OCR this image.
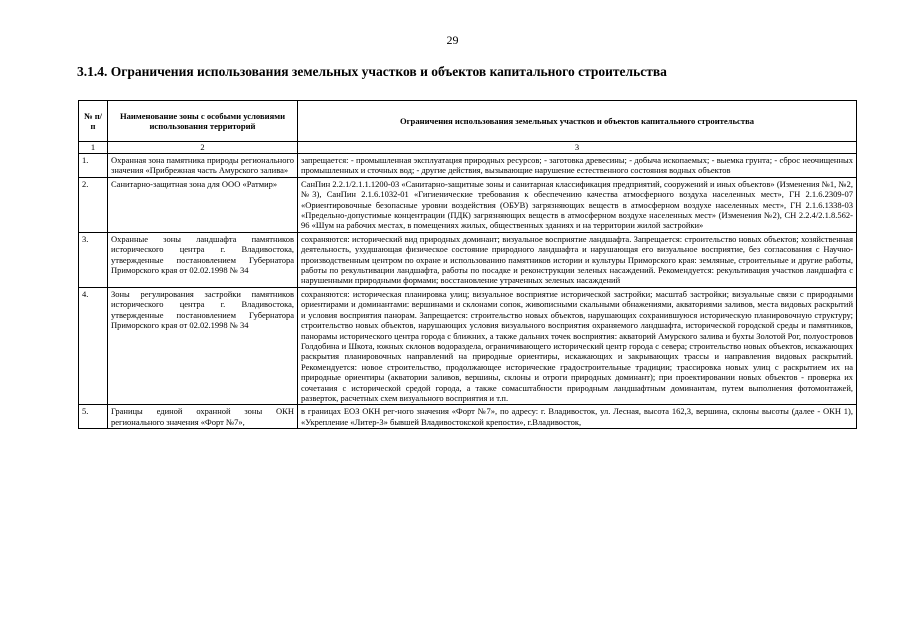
29
3.1.4. Ограничения использования земельных участков и объектов капитального строительства
№ п/п	Наименование зоны с особыми условиями использования территорий	Ограничения использования земельных участков и объектов капитального строительства
1	2	3
1.	Охранная зона памятника природы регионального значения «Прибрежная часть Амурского залива»	запрещается: - промышленная эксплуатация природных ресурсов; - заготовка древесины; - добыча ископаемых; - выемка грунта; - сброс неочищенных промышленных и сточных вод; - другие действия, вызывающие нарушение естественного состояния водных объектов
2.	Санитарно-защитная зона для ООО «Ратмир»	СанПин 2.2.1/2.1.1.1200-03 «Санитарно-защитные зоны и санитарная классификация предприятий, сооружений и иных объектов» (Изменения №1, №2, №3), СанПин 2.1.6.1032-01 «Гигиенические требования к обеспечению качества атмосферного воздуха населенных мест», ГН 2.1.6.2309-07 «Ориентировочные безопасные уровни воздействия (ОБУВ) загрязняющих веществ в атмосферном воздухе населенных мест», ГН 2.1.6.1338-03 «Предельно-допустимые концентрации (ПДК) загрязняющих веществ в атмосферном воздухе населенных мест» (Изменения №2), СН 2.2.4/2.1.8.562-96 «Шум на рабочих местах, в помещениях жилых, общественных зданиях и на территории жилой застройки»
3.	Охранные зоны ландшафта памятников исторического центра г. Владивостока, утвержденные постановлением Губернатора Приморского края от 02.02.1998 № 34	сохраняются: исторический вид природных доминант; визуальное восприятие ландшафта. Запрещается: строительство новых объектов; хозяйственная деятельность, ухудшающая физическое состояние природного ландшафта и нарушающая его визуальное восприятие, без согласования с Научно-производственным центром по охране и использованию памятников истории и культуры Приморского края: земляные, строительные и другие работы, работы по рекультивации ландшафта, работы по посадке и реконструкции зеленых насаждений. Рекомендуется: рекультивация участков ландшафта с нарушенными природными формами; восстановление утраченных зеленых насаждений
4.	Зоны регулирования застройки памятников исторического центра г. Владивостока, утвержденные постановлением Губернатора Приморского края от 02.02.1998 № 34	сохраняются: историческая планировка улиц; визуальное восприятие исторической застройки; масштаб застройки; визуальные связи с природными ориентирами и доминантами: вершинами и склонами сопок, живописными скальными обнажениями, акваториями заливов, места видовых раскрытий и условия восприятия панорам. Запрещается: строительство новых объектов, нарушающих сохранившуюся историческую планировочную структуру; строительство новых объектов, нарушающих условия визуального восприятия охраняемого ландшафта, исторической городской среды и памятников, панорамы исторического центра города с ближних, а также дальних точек восприятия: акваторий Амурского залива и бухты Золотой Рог, полуостровов Голдобина и Шкота, южных склонов водораздела, ограничивающего исторический центр города с севера; строительство новых объектов, искажающих раскрытия планировочных направлений на природные ориентиры, искажающих и закрывающих трассы и направления видовых раскрытий. Рекомендуется: новое строительство, продолжающее исторические градостроительные традиции; трассировка новых улиц с раскрытием их на природные ориентиры (акватории заливов, вершины, склоны и отроги природных доминант); при проектировании новых объектов - проверка их сочетания с исторической средой города, а также сомасштабности природным ландшафтным доминантам, путем выполнения фотомонтажей, разверток, расчетных схем визуального восприятия и т.п.
5.	Границы единой охранной зоны ОКН регионального значения «Форт №7»,	в границах ЕОЗ ОКН рег-ного значения «Форт №7», по адресу: г. Владивосток, ул. Лесная, высота 162,3, вершина, склоны высоты (далее - ОКН 1), «Укрепление «Литер-3» бывшей Владивостокской крепости», г.Владивосток,
